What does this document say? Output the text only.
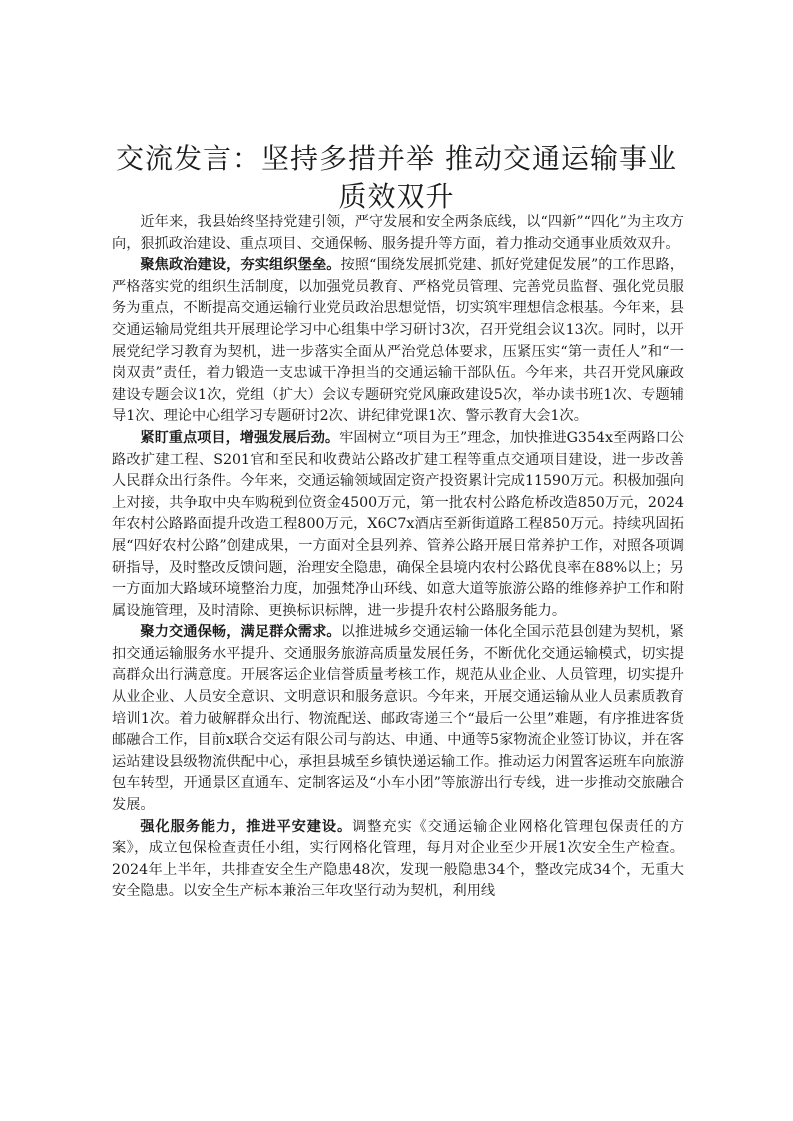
交流发言：坚持多措并举 推动交通运输事业质效双升

近年来，我县始终坚持党建引领，严守发展和安全两条底线，以“四新”“四化”为主攻方向，狠抓政治建设、重点项目、交通保畅、服务提升等方面，着力推动交通事业质效双升。

聚焦政治建设，夯实组织堡垒。按照“围绕发展抓党建、抓好党建促发展”的工作思路，严格落实党的组织生活制度，以加强党员教育、严格党员管理、完善党员监督、强化党员服务为重点，不断提高交通运输行业党员政治思想觉悟，切实筑牢理想信念根基。今年来，县交通运输局党组共开展理论学习中心组集中学习研讨3次，召开党组会议13次。同时，以开展党纪学习教育为契机，进一步落实全面从严治党总体要求，压紧压实“第一责任人”和“一岗双责”责任，着力锻造一支忠诚干净担当的交通运输干部队伍。今年来，共召开党风廉政建设专题会议1次，党组（扩大）会议专题研究党风廉政建设5次，举办读书班1次、专题辅导1次、理论中心组学习专题研讨2次、讲纪律党课1次、警示教育大会1次。

紧盯重点项目，增强发展后劲。牢固树立“项目为王”理念，加快推进G354x至两路口公路改扩建工程、S201官和至民和收费站公路改扩建工程等重点交通项目建设，进一步改善人民群众出行条件。今年来，交通运输领域固定资产投资累计完成11590万元。积极加强向上对接，共争取中央车购税到位资金4500万元，第一批农村公路危桥改造850万元，2024年农村公路路面提升改造工程800万元，X6C7x酒店至新街道路工程850万元。持续巩固拓展“四好农村公路”创建成果，一方面对全县列养、管养公路开展日常养护工作，对照各项调研指导，及时整改反馈问题，治理安全隐患，确保全县境内农村公路优良率在88%以上；另一方面加大路域环境整治力度，加强梵净山环线、如意大道等旅游公路的维修养护工作和附属设施管理，及时清除、更换标识标牌，进一步提升农村公路服务能力。

聚力交通保畅，满足群众需求。以推进城乡交通运输一体化全国示范县创建为契机，紧扣交通运输服务水平提升、交通服务旅游高质量发展任务，不断优化交通运输模式，切实提高群众出行满意度。开展客运企业信誉质量考核工作，规范从业企业、人员管理，切实提升从业企业、人员安全意识、文明意识和服务意识。今年来，开展交通运输从业人员素质教育培训1次。着力破解群众出行、物流配送、邮政寄递三个“最后一公里”难题，有序推进客货邮融合工作，目前x联合交运有限公司与韵达、申通、中通等5家物流企业签订协议，并在客运站建设县级物流供配中心，承担县城至乡镇快递运输工作。推动运力闲置客运班车向旅游包车转型，开通景区直通车、定制客运及“小车小团”等旅游出行专线，进一步推动交旅融合发展。

强化服务能力，推进平安建设。调整充实《交通运输企业网格化管理包保责任的方案》，成立包保检查责任小组，实行网格化管理，每月对企业至少开展1次安全生产检查。2024年上半年，共排查安全生产隐患48次，发现一般隐患34个，整改完成34个，无重大安全隐患。以安全生产标本兼治三年攻坚行动为契机，利用线
